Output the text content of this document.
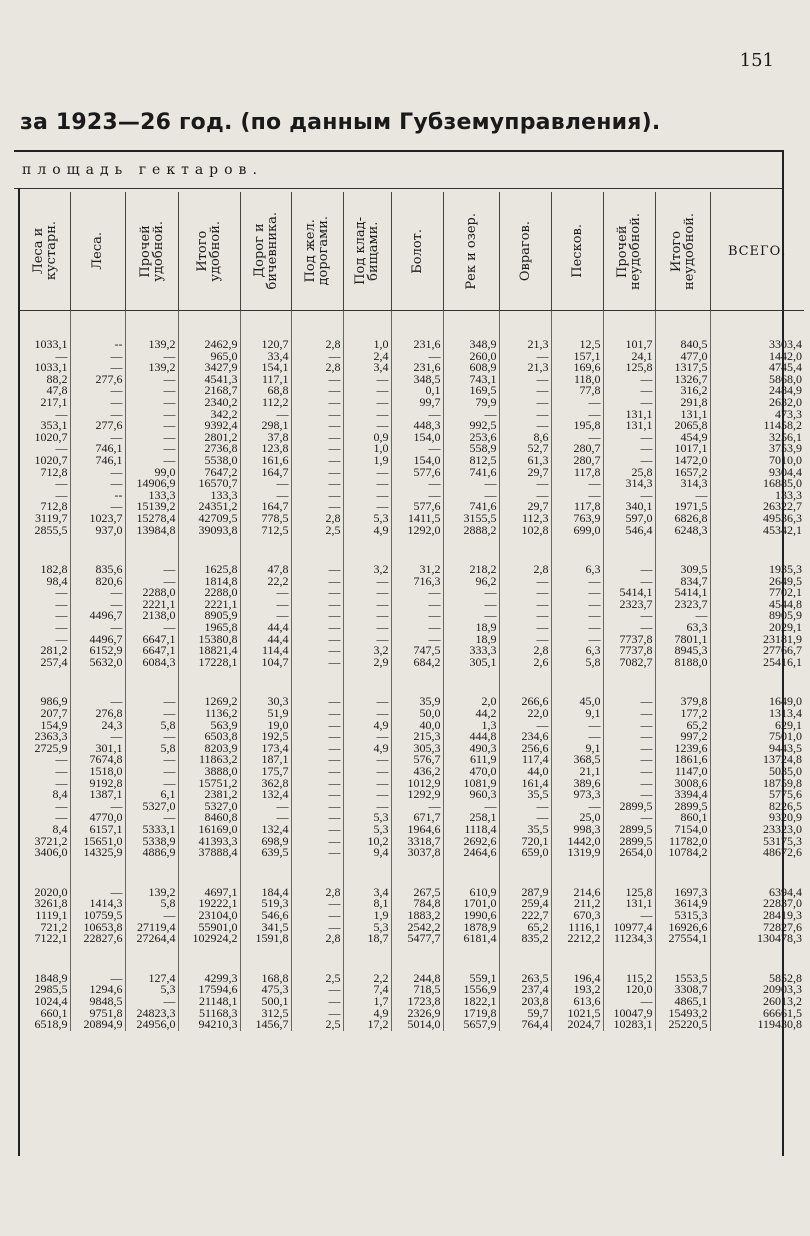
151
за 1923—26 год. (по данным Губземуправления).
площадь гектаров.
Леса и
кустарн.	Леса.	Прочей
удобной.	Итого
удобной.	Дорог и
бичевника.	Под жел.
дорогами.	Под клад-
бищами.	Болот.	Рек и озер.	Оврагов.	Песков.	Прочей
неудобной.	Итого
неудобной.	ВСЕГО.

1033,1	--	139,2	2462,9	120,7	2,8	1,0	231,6	348,9	21,3	12,5	101,7	840,5	3303,4
—	—	—	965,0	33,4	—	2,4	—	260,0	—	157,1	24,1	477,0	1442,0
1033,1	—	139,2	3427,9	154,1	2,8	3,4	231,6	608,9	21,3	169,6	125,8	1317,5	4745,4
88,2	277,6	—	4541,3	117,1	—	—	348,5	743,1	—	118,0	—	1326,7	5868,0
47,8	—	—	2168,7	68,8	—	—	0,1	169,5	—	77,8	—	316,2	2484,9
217,1	—	—	2340,2	112,2	—	—	99,7	79,9	—	—	—	291,8	2632,0
—	—	—	342,2	—	—	—	—	—	—	—	131,1	131,1	473,3
353,1	277,6	—	9392,4	298,1	—	—	448,3	992,5	—	195,8	131,1	2065,8	11458,2
1020,7	—	—	2801,2	37,8	—	0,9	154,0	253,6	8,6	—	—	454,9	3256,1
—	746,1	—	2736,8	123,8	—	1,0	—	558,9	52,7	280,7	—	1017,1	3753,9
1020,7	746,1	—	5538,0	161,6	—	1,9	154,0	812,5	61,3	280,7	—	1472,0	7010,0
712,8	—	99,0	7647,2	164,7	—	—	577,6	741,6	29,7	117,8	25,8	1657,2	9304,4
—	—	14906,9	16570,7	—	—	—	—	—	—	—	314,3	314,3	16885,0
—	--	133,3	133,3	—	—	—	—	—	—	—	—	—	133,3
712,8	—	15139,2	24351,2	164,7	—	—	577,6	741,6	29,7	117,8	340,1	1971,5	26322,7
3119,7	1023,7	15278,4	42709,5	778,5	2,8	5,3	1411,5	3155,5	112,3	763,9	597,0	6826,8	49536,3
2855,5	937,0	13984,8	39093,8	712,5	2,5	4,9	1292,0	2888,2	102,8	699,0	546,4	6248,3	45342,1

182,8	835,6	—	1625,8	47,8	—	3,2	31,2	218,2	2,8	6,3	—	309,5	1935,3
98,4	820,6	—	1814,8	22,2	—	—	716,3	96,2	—	—	—	834,7	2649,5
—	—	2288,0	2288,0	—	—	—	—	—	—	—	5414,1	5414,1	7702,1
—	—	2221,1	2221,1	—	—	—	—	—	—	—	2323,7	2323,7	4544,8
—	4496,7	2138,0	8905,9	—	—	—	—	—	—	—	—	—	8905,9
—	—	—	1965,8	44,4	—	—	—	18,9	—	—	—	63,3	2029,1
—	4496,7	6647,1	15380,8	44,4	—	—	—	18,9	—	—	7737,8	7801,1	23181,9
281,2	6152,9	6647,1	18821,4	114,4	—	3,2	747,5	333,3	2,8	6,3	7737,8	8945,3	27766,7
257,4	5632,0	6084,3	17228,1	104,7	—	2,9	684,2	305,1	2,6	5,8	7082,7	8188,0	25416,1

986,9	—	—	1269,2	30,3	—	—	35,9	2,0	266,6	45,0	—	379,8	1649,0
207,7	276,8	—	1136,2	51,9	—	—	50,0	44,2	22,0	9,1	—	177,2	1313,4
154,9	24,3	5,8	563,9	19,0	—	4,9	40,0	1,3	—	—	—	65,2	629,1
2363,3	—	—	6503,8	192,5	—	—	215,3	444,8	234,6	—	—	997,2	7501,0
2725,9	301,1	5,8	8203,9	173,4	—	4,9	305,3	490,3	256,6	9,1	—	1239,6	9443,5
—	7674,8	—	11863,2	187,1	—	—	576,7	611,9	117,4	368,5	—	1861,6	13724,8
—	1518,0	—	3888,0	175,7	—	—	436,2	470,0	44,0	21,1	—	1147,0	5035,0
—	9192,8	—	15751,2	362,8	—	—	1012,9	1081,9	161,4	389,6	—	3008,6	18759,8
8,4	1387,1	6,1	2381,2	132,4	—	—	1292,9	960,3	35,5	973,3	—	3394,4	5775,6
—	—	5327,0	5327,0	—	—	—	—	—	—	—	2899,5	2899,5	8226,5
—	4770,0	—	8460,8	—	—	5,3	671,7	258,1	—	25,0	—	860,1	9320,9
8,4	6157,1	5333,1	16169,0	132,4	—	5,3	1964,6	1118,4	35,5	998,3	2899,5	7154,0	23323,0
3721,2	15651,0	5338,9	41393,3	698,9	—	10,2	3318,7	2692,6	720,1	1442,0	2899,5	11782,0	53175,3
3406,0	14325,9	4886,9	37888,4	639,5	—	9,4	3037,8	2464,6	659,0	1319,9	2654,0	10784,2	48672,6

2020,0	—	139,2	4697,1	184,4	2,8	3,4	267,5	610,9	287,9	214,6	125,8	1697,3	6394,4
3261,8	1414,3	5,8	19222,1	519,3	—	8,1	784,8	1701,0	259,4	211,2	131,1	3614,9	22837,0
1119,1	10759,5	—	23104,0	546,6	—	1,9	1883,2	1990,6	222,7	670,3	—	5315,3	28419,3
721,2	10653,8	27119,4	55901,0	341,5	—	5,3	2542,2	1878,9	65,2	1116,1	10977,4	16926,6	72827,6
7122,1	22827,6	27264,4	102924,2	1591,8	2,8	18,7	5477,7	6181,4	835,2	2212,2	11234,3	27554,1	130478,3

1848,9	—	127,4	4299,3	168,8	2,5	2,2	244,8	559,1	263,5	196,4	115,2	1553,5	5852,8
2985,5	1294,6	5,3	17594,6	475,3	—	7,4	718,5	1556,9	237,4	193,2	120,0	3308,7	20903,3
1024,4	9848,5	—	21148,1	500,1	—	1,7	1723,8	1822,1	203,8	613,6	—	4865,1	26013,2
660,1	9751,8	24823,3	51168,3	312,5	—	4,9	2326,9	1719,8	59,7	1021,5	10047,9	15493,2	66661,5
6518,9	20894,9	24956,0	94210,3	1456,7	2,5	17,2	5014,0	5657,9	764,4	2024,7	10283,1	25220,5	119430,8
